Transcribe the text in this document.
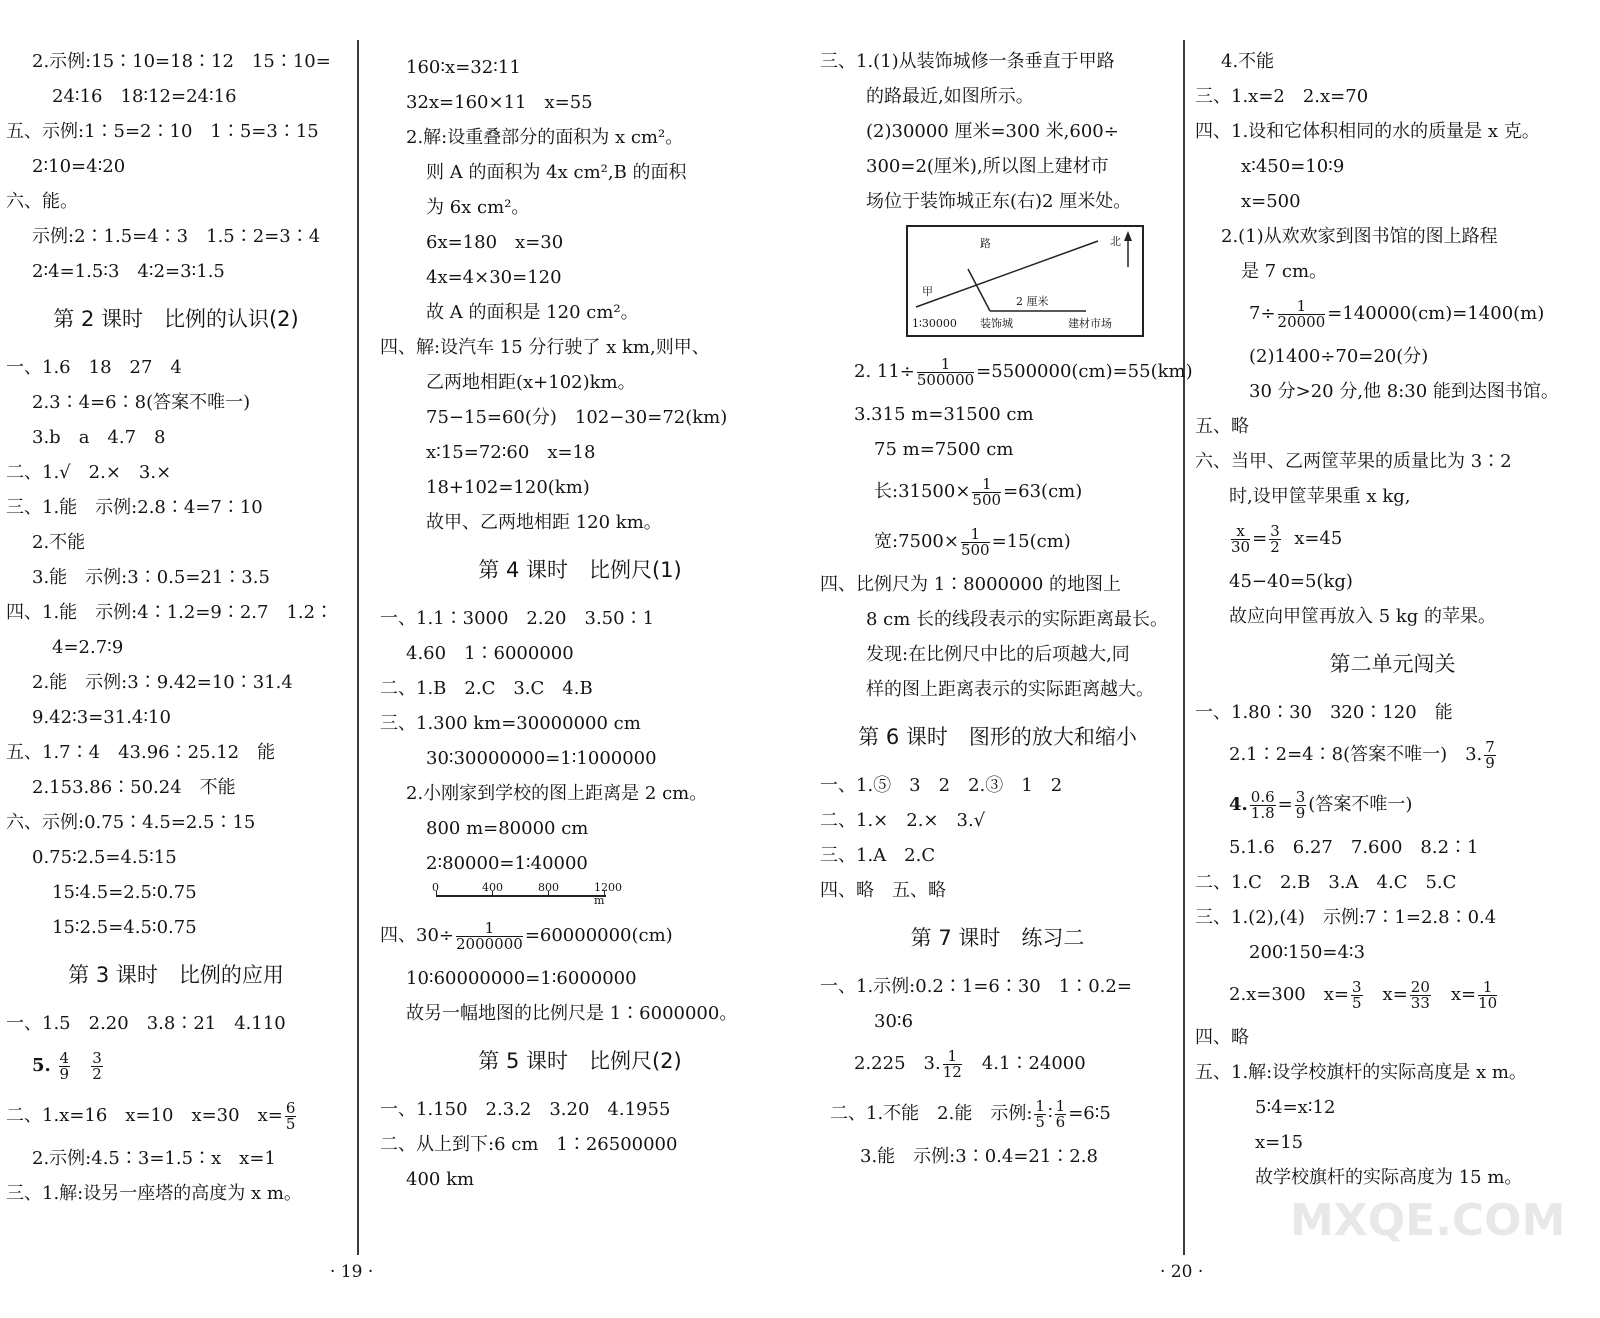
2.示例:15∶10=18∶12　15∶10=
24∶16　18∶12=24∶16
五、示例:1∶5=2∶10　1∶5=3∶15
2∶10=4∶20
六、能。
示例:2∶1.5=4∶3　1.5∶2=3∶4
2∶4=1.5∶3　4∶2=3∶1.5
第 2 课时　比例的认识(2)
一、1.6　18　27　4
2.3∶4=6∶8(答案不唯一)
3.b　a　4.7　8
二、1.√　2.×　3.×
三、1.能　示例:2.8∶4=7∶10
2.不能
3.能　示例:3∶0.5=21∶3.5
四、1.能　示例:4∶1.2=9∶2.7　1.2∶
4=2.7∶9
2.能　示例:3∶9.42=10∶31.4
9.42∶3=31.4∶10
五、1.7∶4　43.96∶25.12　能
2.153.86∶50.24　不能
六、示例:0.75∶4.5=2.5∶15
0.75∶2.5=4.5∶15
15∶4.5=2.5∶0.75
15∶2.5=4.5∶0.75
第 3 课时　比例的应用
一、1.5　2.20　3.8∶21　4.110
5. $\frac{4}{9}$
$\frac{3}{2}$
二、1.x=16　x=10　x=30　$x= \frac{6}{5}$
2.示例:4.5∶3=1.5∶x　x=1
三、1.解:设另一座塔的高度为 x m。
160∶x=32∶11
32x=160×11　x=55
2.解:设重叠部分的面积为 x cm²。
则 A 的面积为 4x cm²,B 的面积
为 6x cm²。
6x=180　x=30
4x=4×30=120
故 A 的面积是 120 cm²。
四、解:设汽车 15 分行驶了 x km,则甲、
乙两地相距(x+102)km。
75−15=60(分)　102−30=72(km)
x∶15=72∶60　x=18
18+102=120(km)
故甲、乙两地相距 120 km。
第 4 课时　比例尺(1)
一、1.1∶3000　2.20　3.50∶1
4.60　1∶6000000
二、1.B　2.C　3.C　4.B
三、1.300 km=30000000 cm
30∶30000000=1∶1000000
2.小刚家到学校的图上距离是 2 cm。
800 m=80000 cm
2∶80000=1∶40000
0	400	800	1200 m
四、$30\div \frac{1}{2000000} =60000000(cm)$
10∶60000000=1∶6000000
故另一幅地图的比例尺是 1∶6000000。
第 5 课时　比例尺(2)
一、1.150　2.3.2　3.20　4.1955
二、从上到下:6 cm　1∶26500000
400 km
三、1.(1)从装饰城修一条垂直于甲路
的路最近,如图所示。
(2)30000 厘米=300 米,600÷
300=2(厘米),所以图上建材市
场位于装饰城正东(右)2 厘米处。
路	北
甲
2 厘米
1∶30000 装饰城	建材市场
2. $11\div \frac{1}{500000} =5500000(cm)=55(km)$
3.315 m=31500 cm
75 m=7500 cm
长:31500× $\frac{1}{500} =63(cm)$
宽:7500× $\frac{1}{500} =15(cm)$
四、比例尺为 1∶8000000 的地图上
8 cm 长的线段表示的实际距离最长。
发现:在比例尺中比的后项越大,同
样的图上距离表示的实际距离越大。
第 6 课时　图形的放大和缩小
一、1.⑤　3　2　2.③　1　2
二、1.×　2.×　3.√
三、1.A　2.C
四、略　五、略
第 7 课时　练习二
一、1.示例:0.2∶1=6∶30　1∶0.2=
30∶6
2.225　3. $\frac{1}{12}$ 　4.1∶24000
二、1.不能　2.能　示例: $\frac{1}{5}$ ∶ $\frac{1}{6}$ =6∶5
3.能　示例:3∶0.4=21∶2.8
4.不能
三、1.x=2　2.x=70
四、1.设和它体积相同的水的质量是 x 克。
x∶450=10∶9
x=500
2.(1)从欢欢家到图书馆的图上路程
是 7 cm。
$7\div \frac{1}{20000} =140000(cm)=1400(m)$
(2)1400÷70=20(分)
30 分>20 分,他 8:30 能到达图书馆。
五、略
六、当甲、乙两筐苹果的质量比为 3∶2
时,设甲筐苹果重 x kg,
$\frac{x}{30} = \frac{3}{2} x=45$
45−40=5(kg)
故应向甲筐再放入 5 kg 的苹果。
第二单元闯关
一、1.80∶30　320∶120　能
2.1∶2=4∶8(答案不唯一)　3. $\frac{7}{9}$
4. $\frac{0.6}{1.8} = \frac{3}{9}$ (答案不唯一)
5.1.6　6.27　7.600　8.2∶1
二、1.C　2.B　3.A　4.C　5.C
三、1.(2),(4)　示例:7∶1=2.8∶0.4
200∶150=4∶3
2.x=300　$x= \frac{3}{5}$ 　$x= \frac{20}{33}$ 　$x= \frac{1}{10}$
四、略
五、1.解:设学校旗杆的实际高度是 x m。
5∶4=x∶12
x=15
故学校旗杆的实际高度为 15 m。
· 19 ·	· 20 ·
MXQE.COM
